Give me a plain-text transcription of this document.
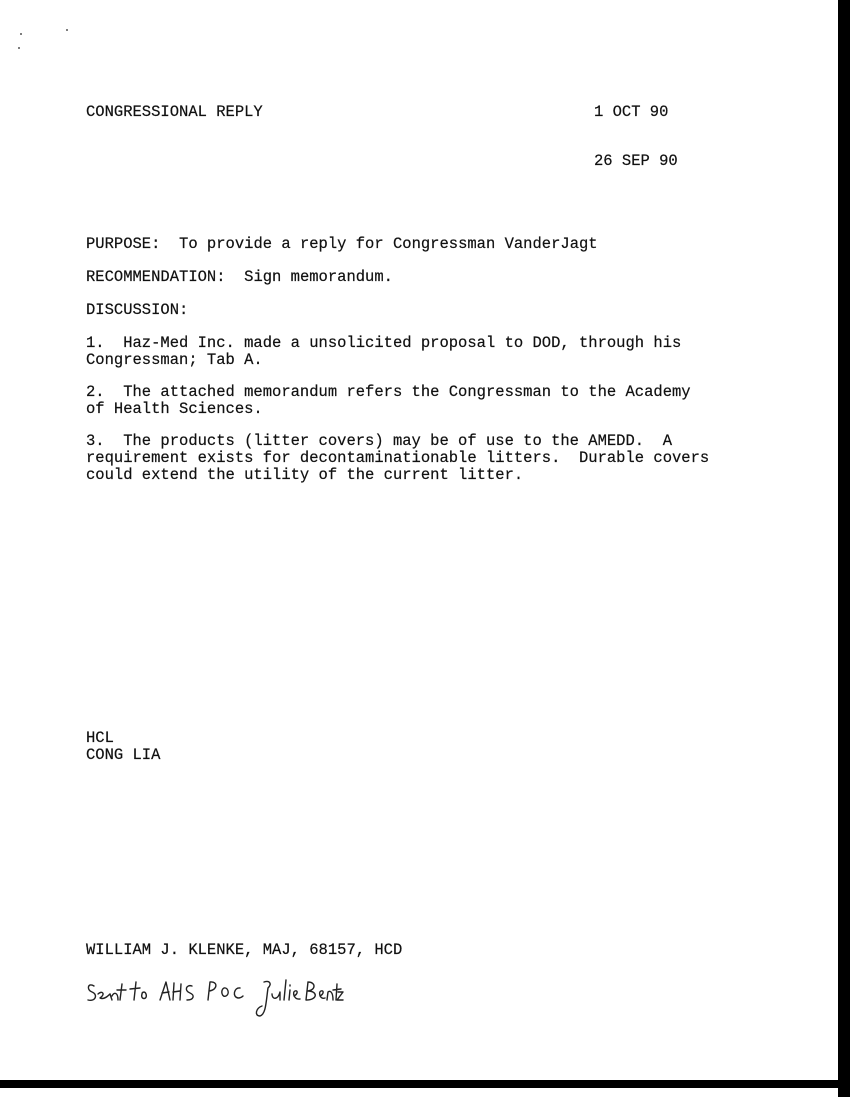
CONGRESSIONAL REPLY	1 OCT 90
26 SEP 90
PURPOSE: To provide a reply for Congressman VanderJagt
RECOMMENDATION: Sign memorandum.
DISCUSSION:
1.  Haz-Med Inc. made a unsolicited proposal to DOD, through his
Congressman; Tab A.
2.  The attached memorandum refers the Congressman to the Academy
of Health Sciences.
3.  The products (litter covers) may be of use to the AMEDD.  A
requirement exists for decontaminationable litters.  Durable covers
could extend the utility of the current litter.
HCL
CONG LIA
WILLIAM J. KLENKE, MAJ, 68157, HCD
